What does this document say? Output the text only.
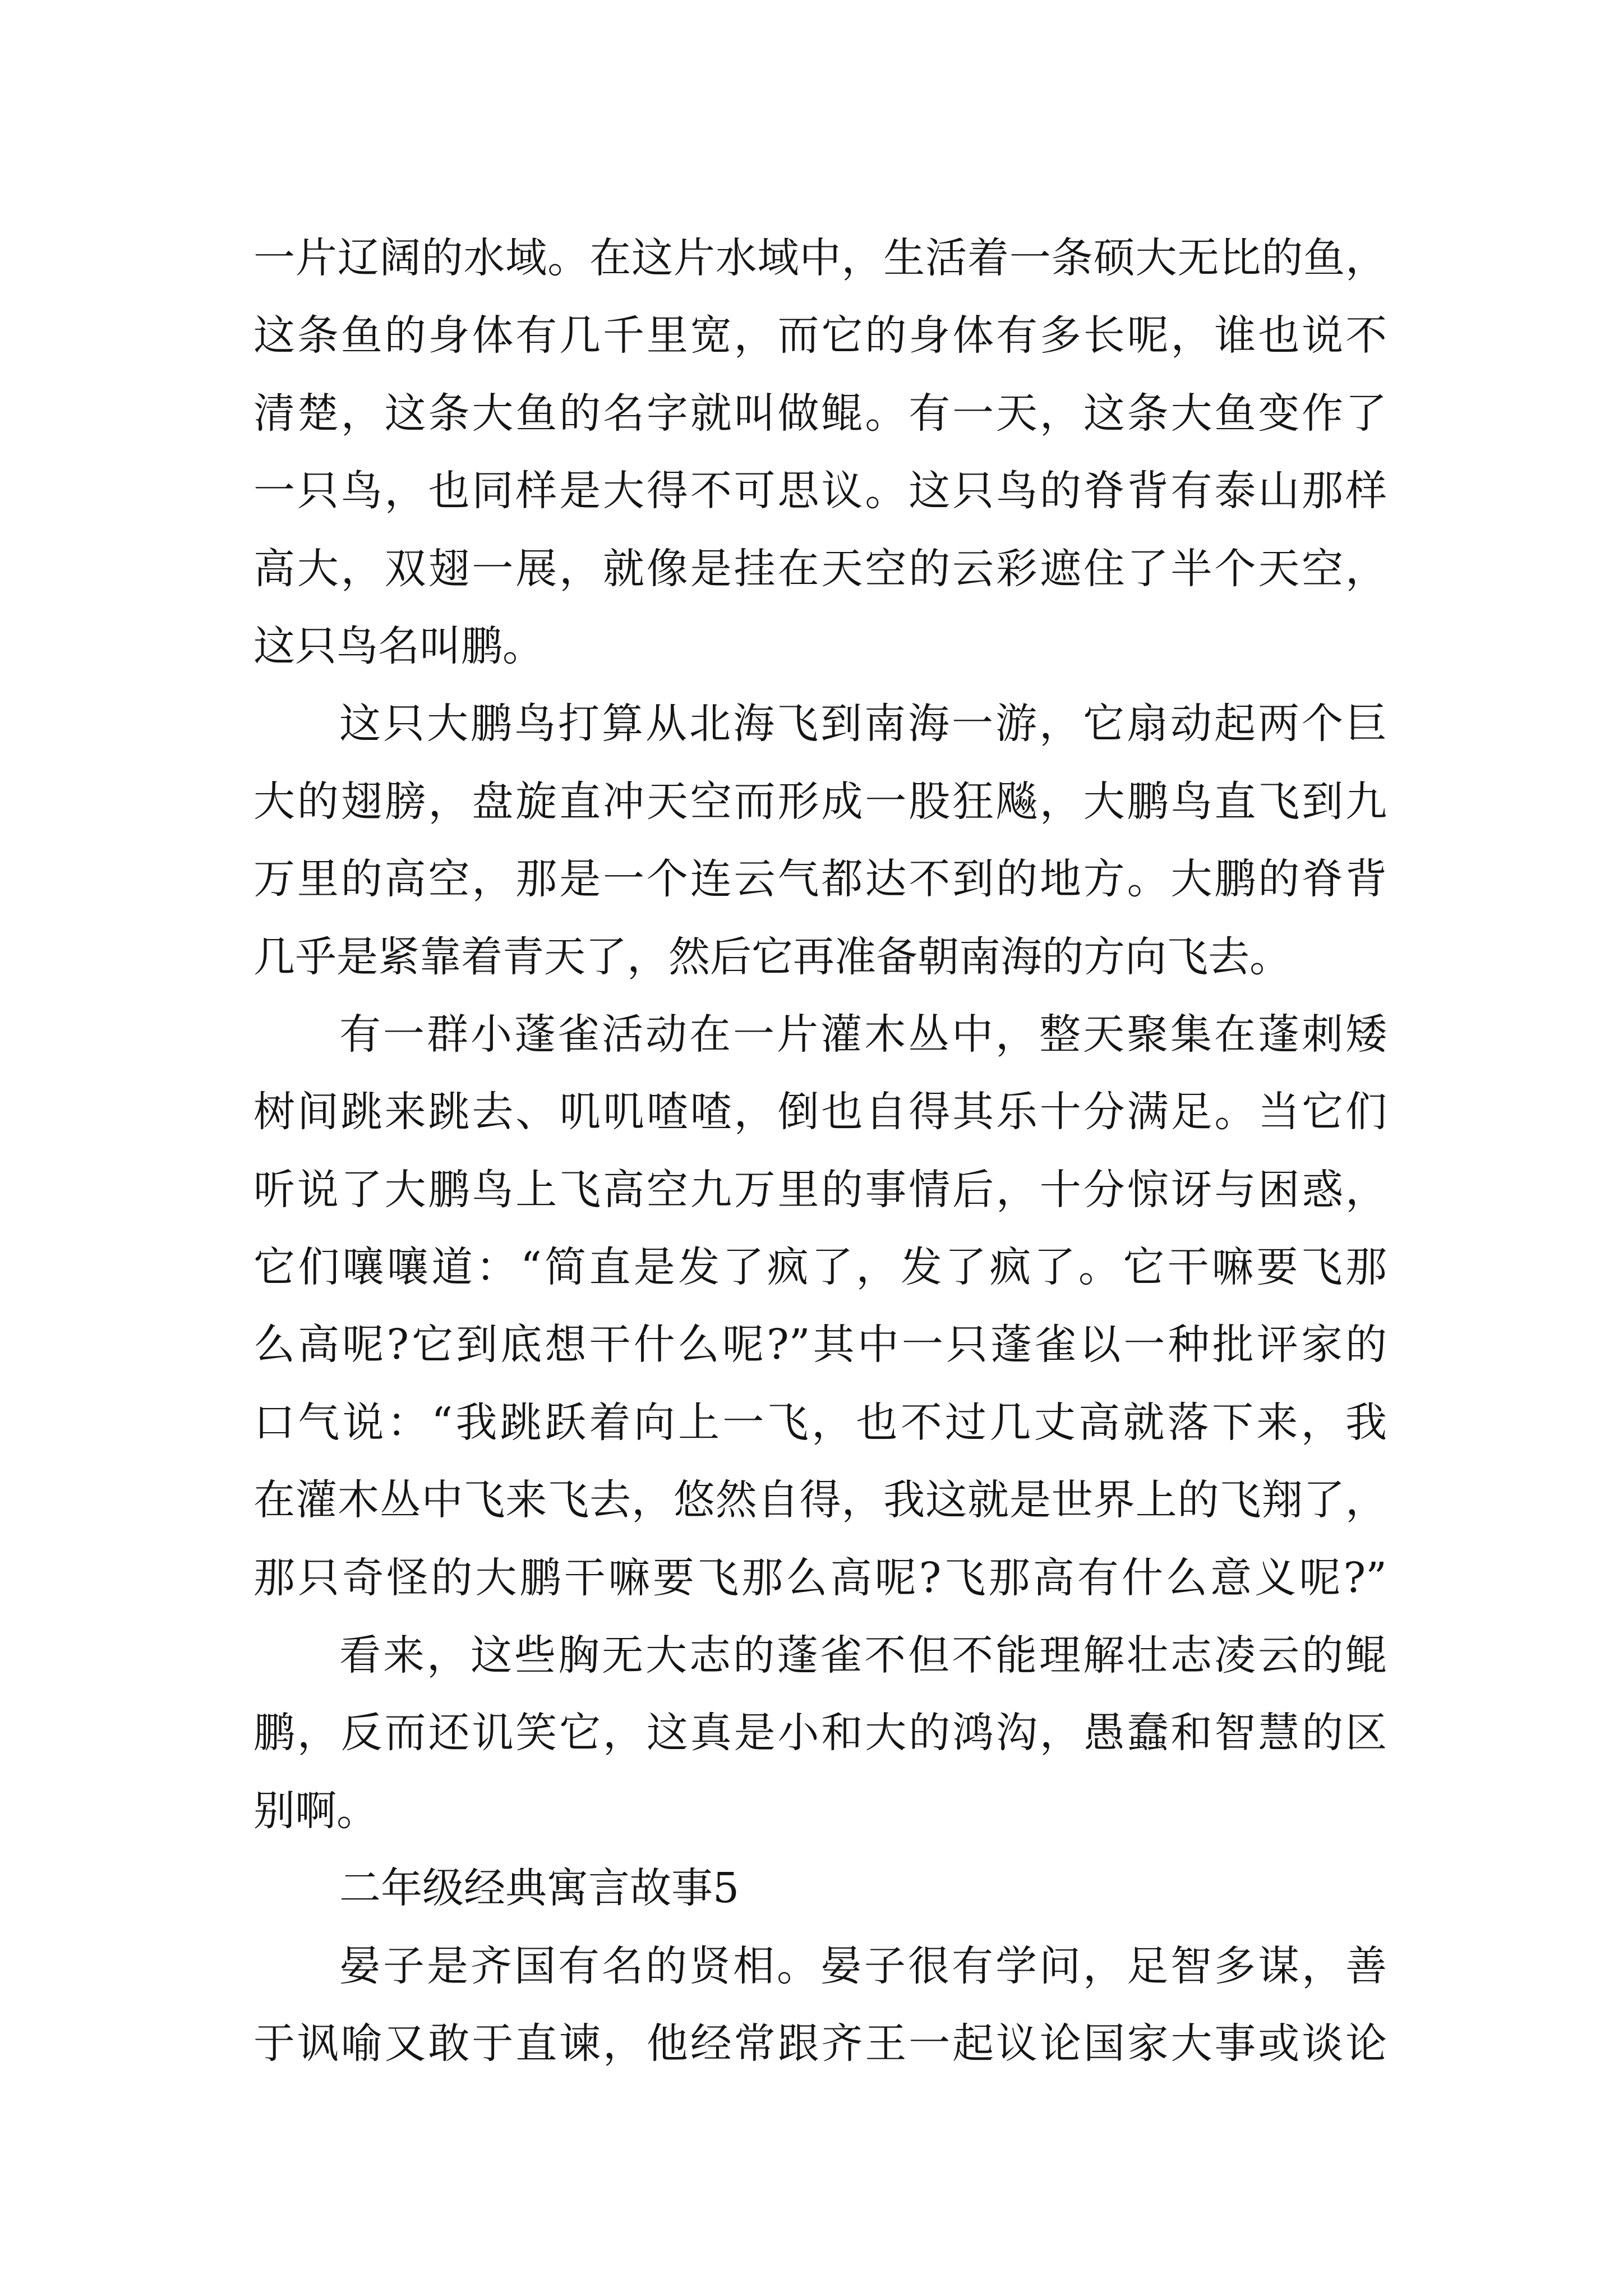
一片辽阔的水域。在这片水域中，生活着一条硕大无比的鱼，
这条鱼的身体有几千里宽，而它的身体有多长呢，谁也说不
清楚，这条大鱼的名字就叫做鲲。有一天，这条大鱼变作了
一只鸟，也同样是大得不可思议。这只鸟的脊背有泰山那样
高大，双翅一展，就像是挂在天空的云彩遮住了半个天空，
这只鸟名叫鹏。
这只大鹏鸟打算从北海飞到南海一游，它扇动起两个巨
大的翅膀，盘旋直冲天空而形成一股狂飚，大鹏鸟直飞到九
万里的高空，那是一个连云气都达不到的地方。大鹏的脊背
几乎是紧靠着青天了，然后它再准备朝南海的方向飞去。
有一群小蓬雀活动在一片灌木丛中，整天聚集在蓬刺矮
树间跳来跳去、叽叽喳喳，倒也自得其乐十分满足。当它们
听说了大鹏鸟上飞高空九万里的事情后，十分惊讶与困惑，
它们嚷嚷道：“简直是发了疯了，发了疯了。它干嘛要飞那
么高呢?它到底想干什么呢?”其中一只蓬雀以一种批评家的
口气说：“我跳跃着向上一飞，也不过几丈高就落下来，我
在灌木丛中飞来飞去，悠然自得，我这就是世界上的飞翔了，
那只奇怪的大鹏干嘛要飞那么高呢?飞那高有什么意义呢?”
看来，这些胸无大志的蓬雀不但不能理解壮志凌云的鲲
鹏，反而还讥笑它，这真是小和大的鸿沟，愚蠢和智慧的区
别啊。
二年级经典寓言故事5
晏子是齐国有名的贤相。晏子很有学问，足智多谋，善
于讽喻又敢于直谏，他经常跟齐王一起议论国家大事或谈论
